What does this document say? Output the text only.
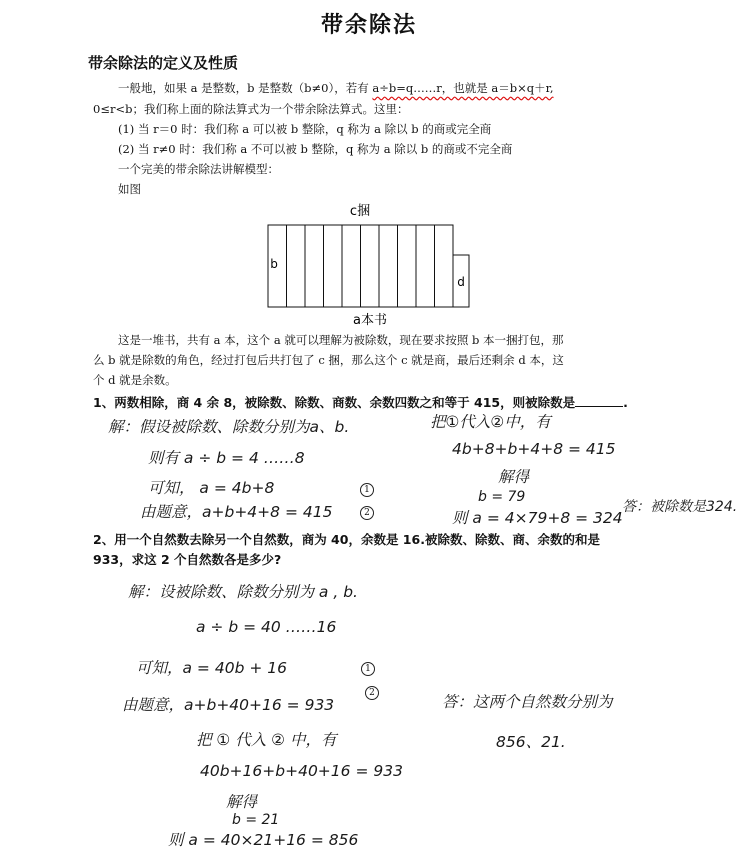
带余除法
带余除法的定义及性质
一般地，如果 a 是整数，b 是整数（b≠0），若有 a÷b=q……r，也就是 a＝b×q＋r,
0≤r<b；我们称上面的除法算式为一个带余除法算式。这里：
(1) 当 r＝0 时：我们称 a 可以被 b 整除，q 称为 a 除以 b 的商或完全商
(2) 当 r≠0 时：我们称 a 不可以被 b 整除，q 称为 a 除以 b 的商或不完全商
一个完美的带余除法讲解模型：
如图
c捆
b
d
a本书
这是一堆书，共有 a 本，这个 a 就可以理解为被除数，现在要求按照 b 本一捆打包，那
么 b 就是除数的角色，经过打包后共打包了 c 捆，那么这个 c 就是商，最后还剩余 d 本，这
个 d 就是余数。
1、两数相除，商 4 余 8，被除数、除数、商数、余数四数之和等于 415，则被除数是	.
解：假设被除数、除数分别为a、b.
则有 a ÷ b = 4 ……8
可知， a = 4b+8
由题意，a+b+4+8 = 415
1
2
把①代入②中，有
4b+8+b+4+8 = 415
解得
b = 79
则 a = 4×79+8 = 324
答：被除数是324.
2、用一个自然数去除另一个自然数，商为 40，余数是 16.被除数、除数、商、余数的和是
933，求这 2 个自然数各是多少?
解：设被除数、除数分别为 a , b.
a ÷ b = 40 ……16
可知，a = 40b + 16
由题意，a+b+40+16 = 933
1
2
把 ① 代入 ② 中，有
40b+16+b+40+16 = 933
解得
b = 21
则 a = 40×21+16 = 856
答：这两个自然数分别为
856、21.
